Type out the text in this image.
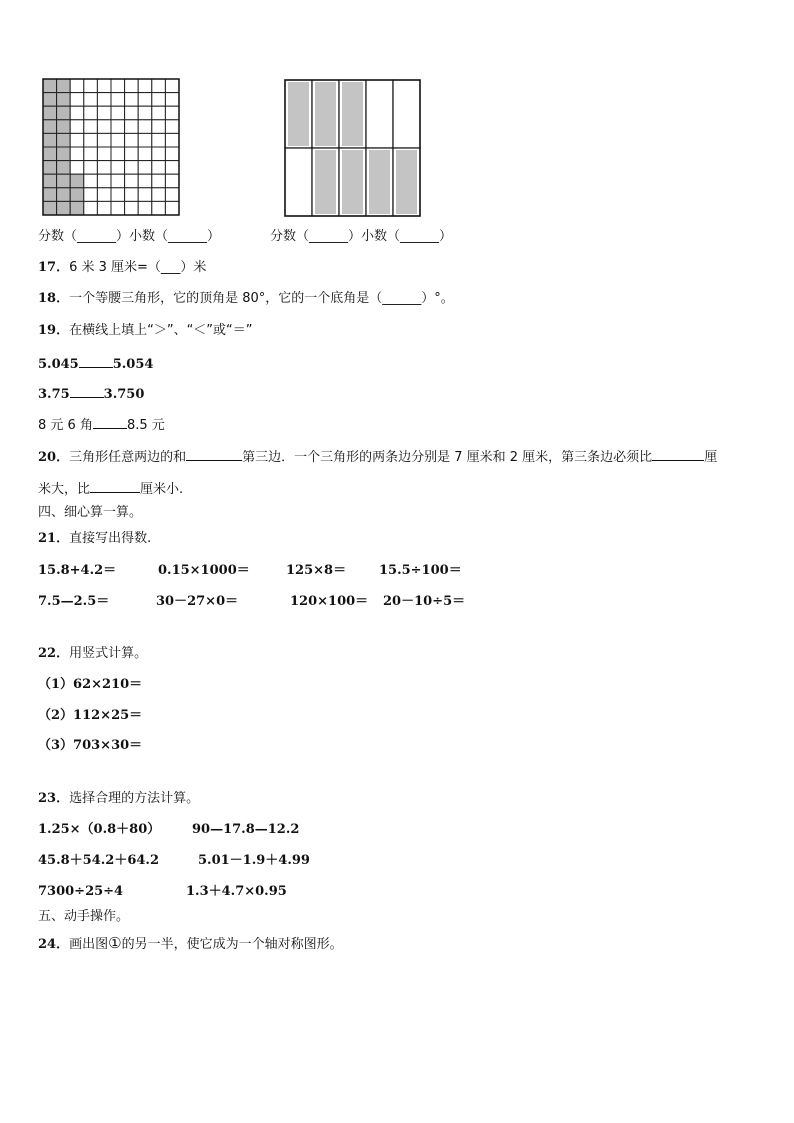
分数（______）小数（______）	分数（______）小数（______）
17．6 米 3 厘米=（___）米
18．一个等腰三角形，它的顶角是 80°，它的一个底角是（______）°。
19．在横线上填上“＞”、“＜”或“＝”
5.045	5.054
3.75	3.750
8 元 6 角	8.5 元
20．三角形任意两边的和	第三边．一个三角形的两条边分别是 7 厘米和 2 厘米，第三条边必须比	厘
米大，比	厘米小.
四、细心算一算。
21．直接写出得数.
15.8+4.2＝	0.15×1000＝	125×8＝	15.5÷100＝
7.5—2.5＝	30－27×0＝	120×100＝ 20－10÷5＝
22．用竖式计算。
（1）62×210＝
（2）112×25＝
（3）703×30＝
23．选择合理的方法计算。
1.25×（0.8＋80） 90—17.8—12.2
45.8＋54.2＋64.2	5.01－1.9＋4.99
7300÷25÷4	1.3＋4.7×0.95
五、动手操作。
24．画出图①的另一半，使它成为一个轴对称图形。
